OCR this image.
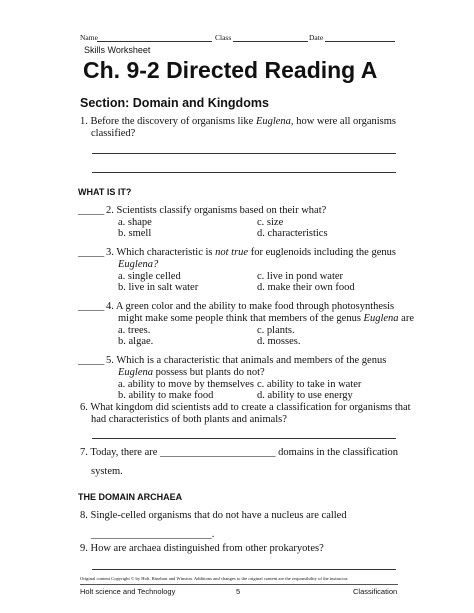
Name	Class	Date
Skills Worksheet
Ch. 9-2 Directed Reading A
Section: Domain and Kingdoms
1. Before the discovery of organisms like Euglena, how were all organisms
classified?
WHAT IS IT?
_____ 2. Scientists classify organisms based on their what?
a. shape	c. size
b. smell	d. characteristics
_____ 3. Which characteristic is not true for euglenoids including the genus
Euglena?
a. single celled	c. live in pond water
b. live in salt water	d. make their own food
_____ 4. A green color and the ability to make food through photosynthesis
might make some people think that members of the genus Euglena are
a. trees.	c. plants.
b. algae.	d. mosses.
_____ 5. Which is a characteristic that animals and members of the genus
Euglena possess but plants do not?
a. ability to move by themselves c. ability to take in water
b. ability to make food	d. ability to use energy
6. What kingdom did scientists add to create a classification for organisms that
had characteristics of both plants and animals?
7. Today, there are ______________________ domains in the classification
system.
THE DOMAIN ARCHAEA
8. Single-celled organisms that do not have a nucleus are called
_______________________.
9. How are archaea distinguished from other prokaryotes?
Original content Copyright © by Holt, Rinehart and Winston. Additions and changes to the original content are the responsibility of the instructor.
Holt science and Technology	5	Classification
